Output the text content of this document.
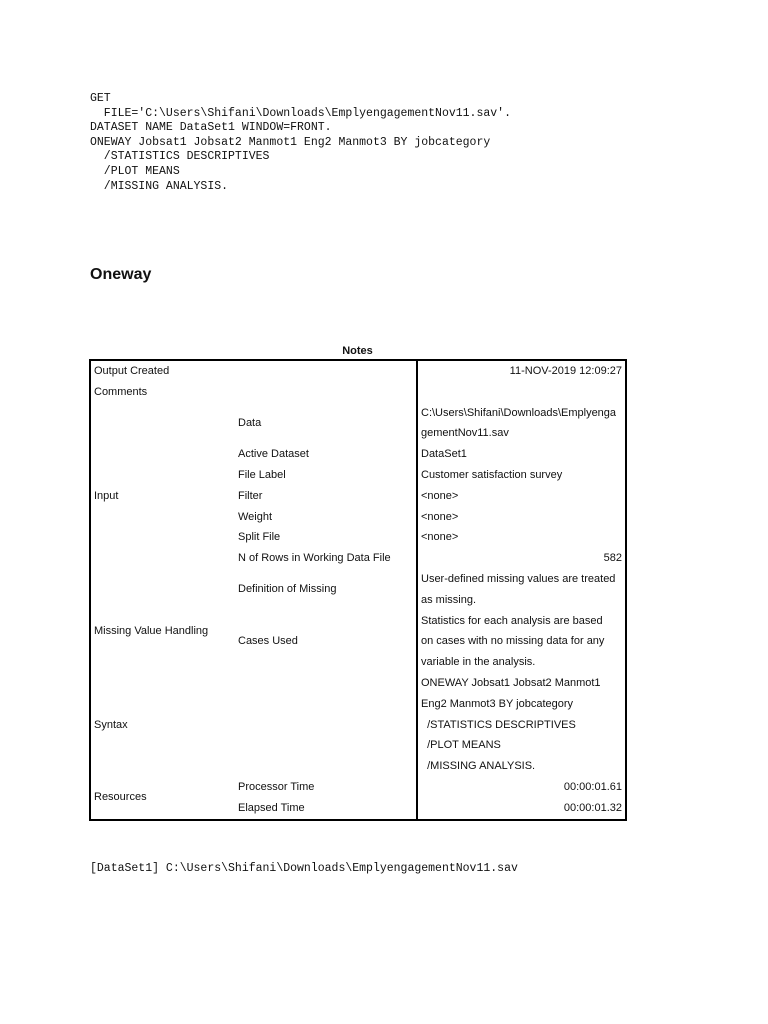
GET
FILE='C:\Users\Shifani\Downloads\EmplyengagementNov11.sav'.
DATASET NAME DataSet1 WINDOW=FRONT.
ONEWAY Jobsat1 Jobsat2 Manmot1 Eng2 Manmot3 BY jobcategory
/STATISTICS DESCRIPTIVES
/PLOT MEANS
/MISSING ANALYSIS.
Oneway
Notes
Output Created		11-NOV-2019 12:09:27
Comments		
Input	Data	C:\Users\Shifani\Downloads\Emplyenga
		gementNov11.sav
	Active Dataset	DataSet1
	File Label	Customer satisfaction survey
	Filter	<none>
	Weight	<none>
	Split File	<none>
	N of Rows in Working Data File	582
	Definition of Missing	User-defined missing values are treated
Missing Value Handling		as missing.
	Cases Used	Statistics for each analysis are based
		on cases with no missing data for any
		variable in the analysis.
Syntax		ONEWAY Jobsat1 Jobsat2 Manmot1
		Eng2 Manmot3 BY jobcategory
		/STATISTICS DESCRIPTIVES
		/PLOT MEANS
		/MISSING ANALYSIS.
Resources	Processor Time	00:00:01.61
	Elapsed Time	00:00:01.32
[DataSet1] C:\Users\Shifani\Downloads\EmplyengagementNov11.sav
